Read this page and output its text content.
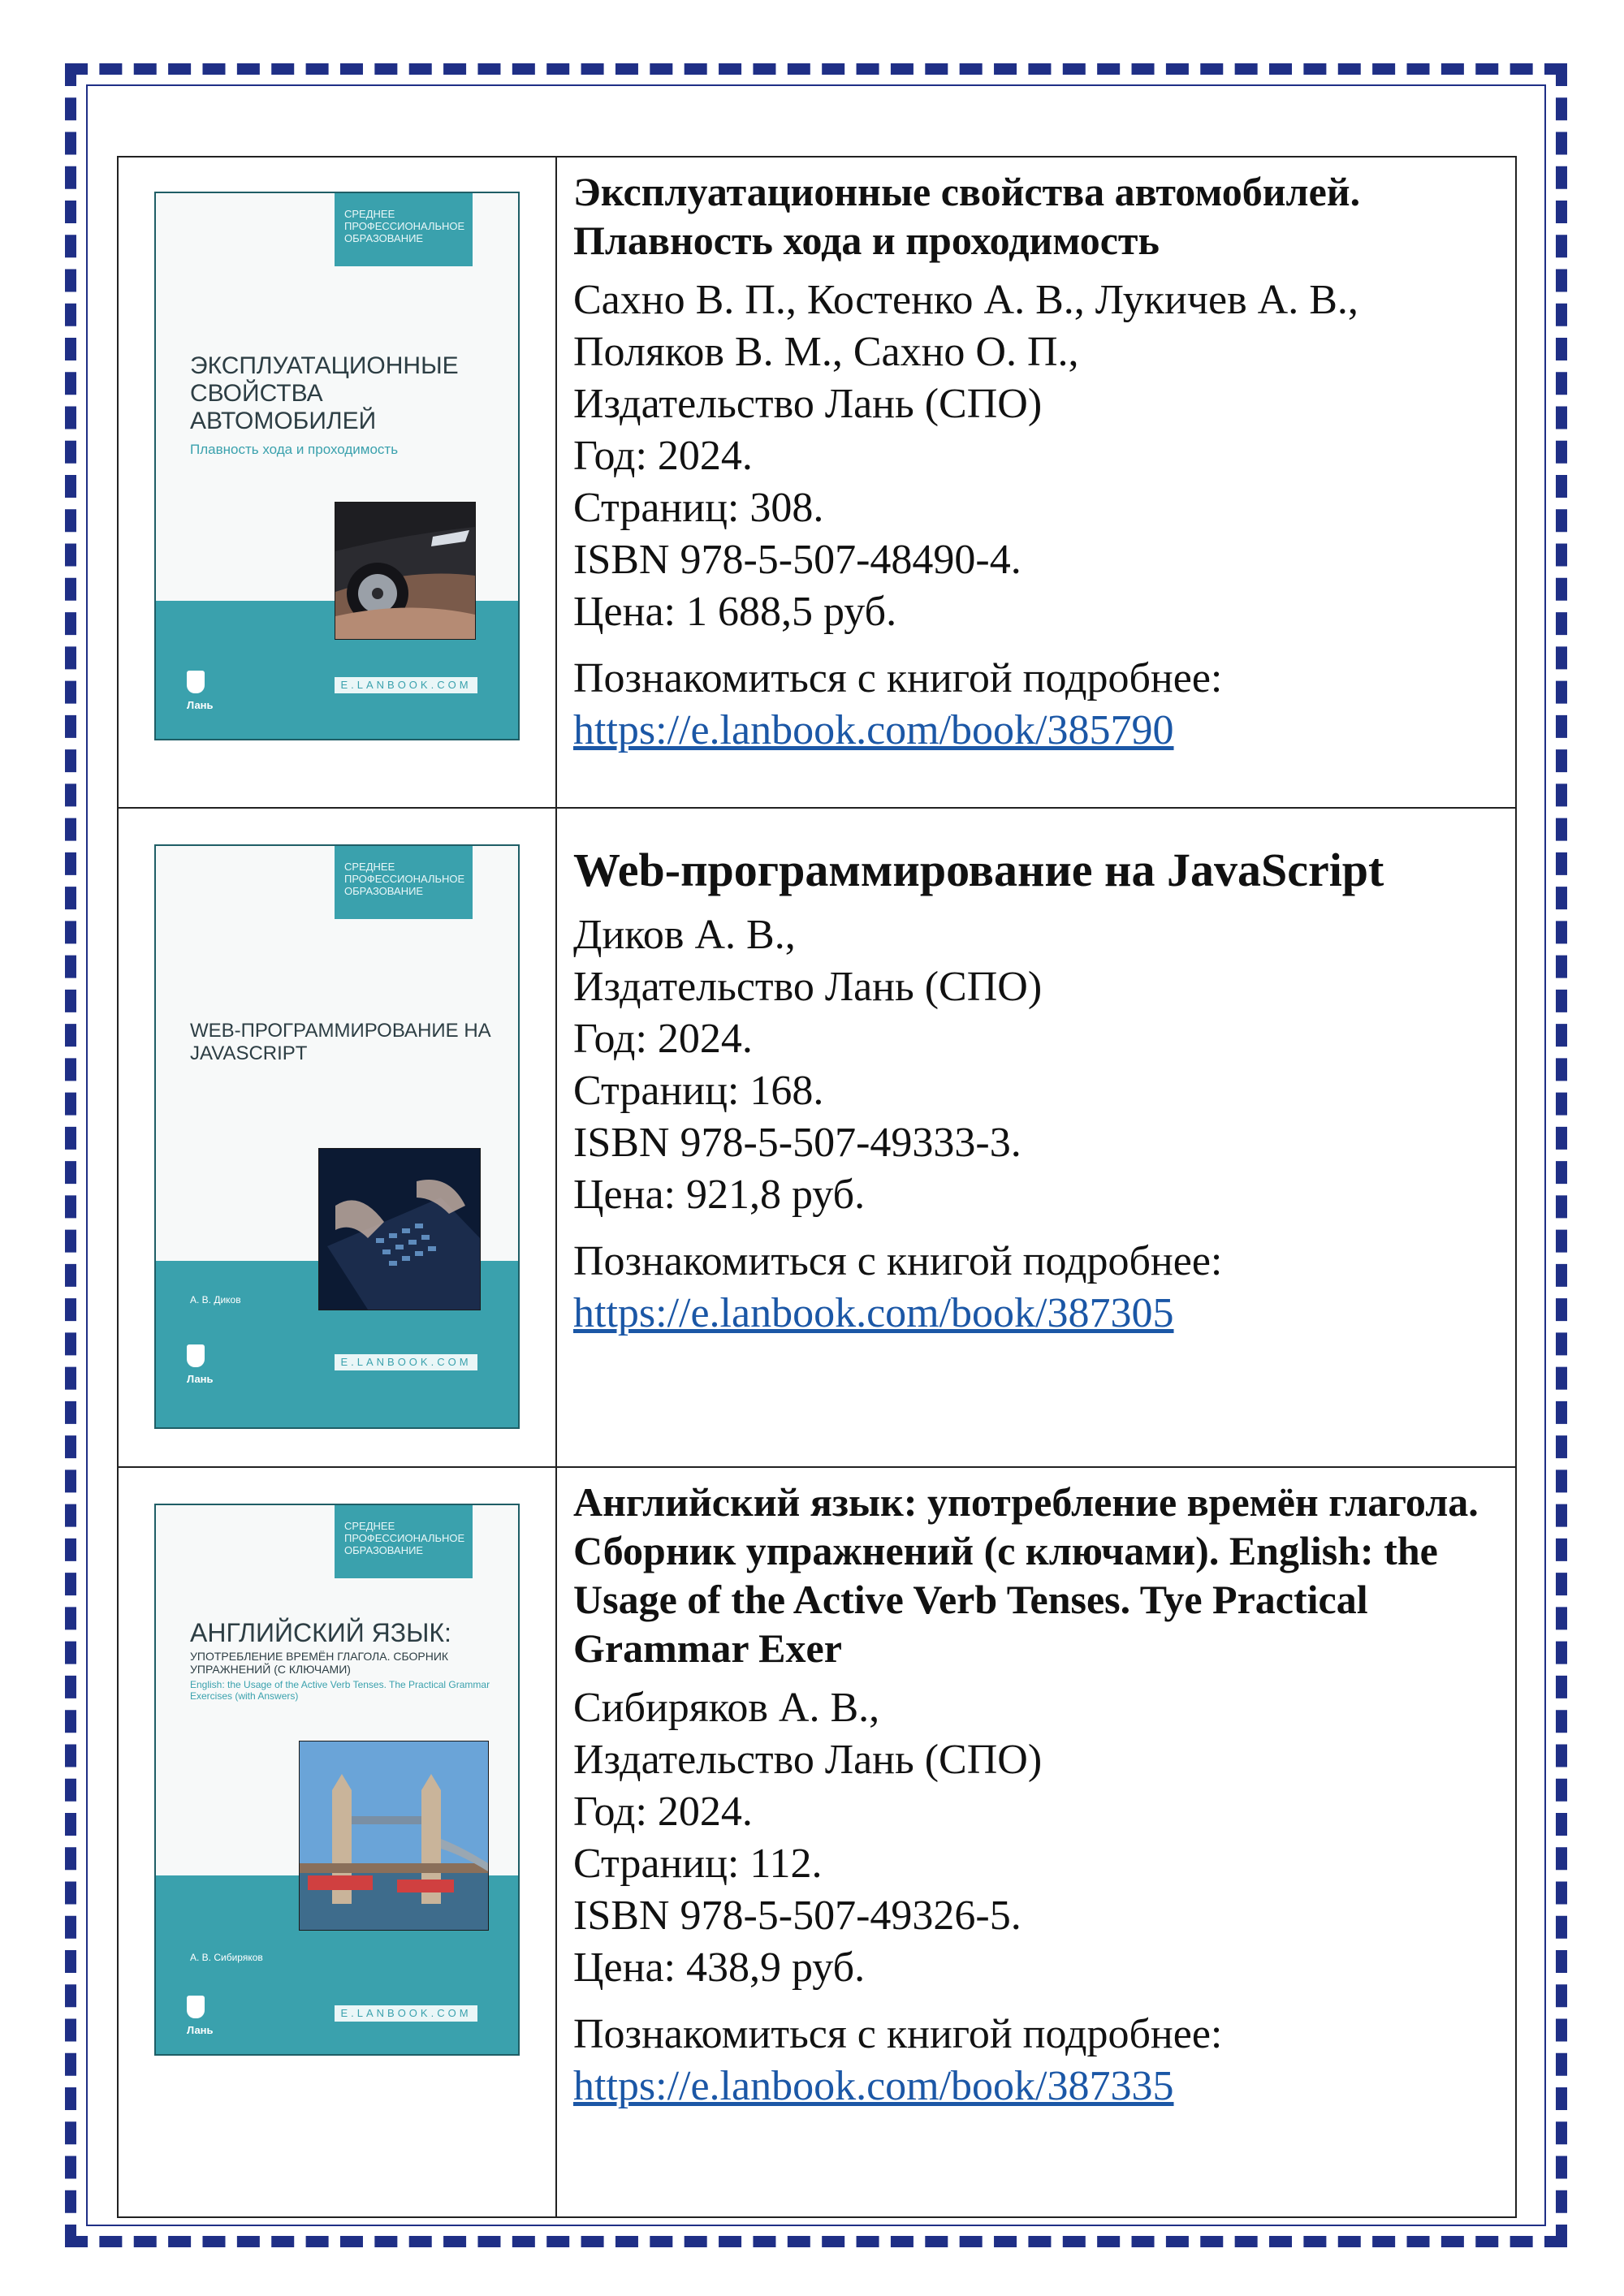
СРЕДНЕЕ ПРОФЕССИОНАЛЬНОЕ ОБРАЗОВАНИЕ
ЭКСПЛУАТАЦИОННЫЕ СВОЙСТВА АВТОМОБИЛЕЙ
Плавность хода и проходимость
Лань
E.LANBOOK.COM
Эксплуатационные свойства автомобилей. Плавность хода и проходимость
Сахно В. П., Костенко А. В., Лукичев А. В., Поляков В. М., Сахно О. П.,
Издательство Лань (СПО)
Год: 2024.
Страниц: 308.
ISBN 978-5-507-48490-4.
Цена: 1 688,5 руб.
Познакомиться с книгой подробнее:
https://e.lanbook.com/book/385790
СРЕДНЕЕ ПРОФЕССИОНАЛЬНОЕ ОБРАЗОВАНИЕ
WEB-ПРОГРАММИРОВАНИЕ НА JAVASCRIPT
А. В. Диков
Лань
E.LANBOOK.COM
Web-программирование на JavaScript
Диков А. В.,
Издательство Лань (СПО)
Год: 2024.
Страниц: 168.
ISBN 978-5-507-49333-3.
Цена: 921,8 руб.
Познакомиться с книгой подробнее:
https://e.lanbook.com/book/387305
СРЕДНЕЕ ПРОФЕССИОНАЛЬНОЕ ОБРАЗОВАНИЕ
АНГЛИЙСКИЙ ЯЗЫК:
УПОТРЕБЛЕНИЕ ВРЕМЁН ГЛАГОЛА. СБОРНИК УПРАЖНЕНИЙ (С КЛЮЧАМИ)
English: the Usage of the Active Verb Tenses. The Practical Grammar Exercises (with Answers)
А. В. Сибиряков
Лань
E.LANBOOK.COM
Английский язык: употребление времён глагола. Сборник упражнений (с ключами). English: the Usage of the Active Verb Tenses. Tye Practical Grammar Exer
Сибиряков А. В.,
Издательство Лань (СПО)
Год: 2024.
Страниц: 112.
ISBN 978-5-507-49326-5.
Цена: 438,9 руб.
Познакомиться с книгой подробнее:
https://e.lanbook.com/book/387335
